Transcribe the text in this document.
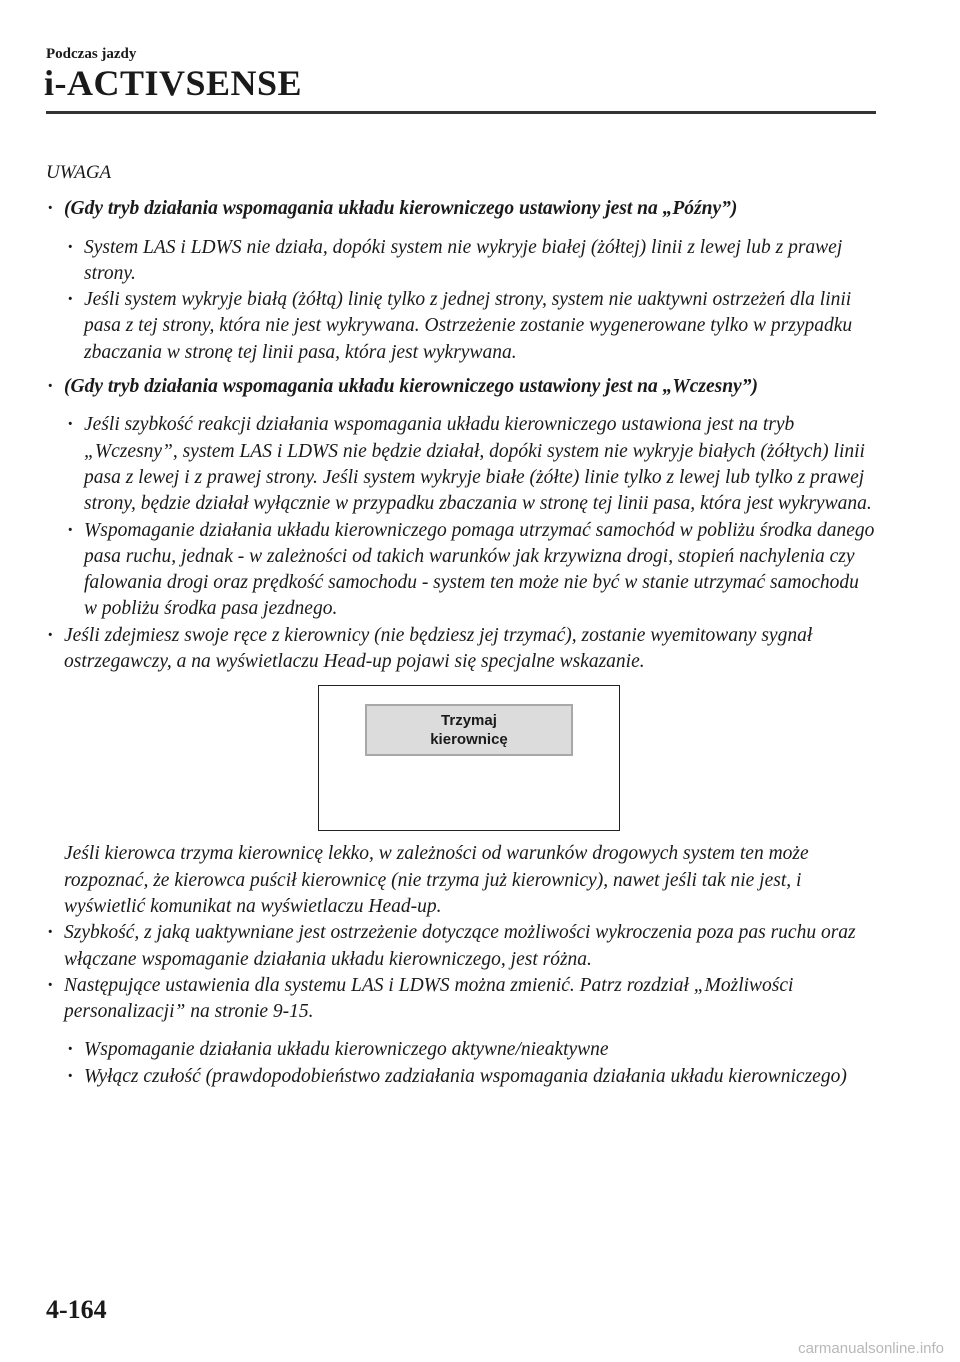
Podczas jazdy
i-ACTIVSENSE
UWAGA
· (Gdy tryb działania wspomagania układu kierowniczego ustawiony jest na „Późny”)
· System LAS i LDWS nie działa, dopóki system nie wykryje białej (żółtej) linii z lewej lub z prawej strony.
· Jeśli system wykryje białą (żółtą) linię tylko z jednej strony, system nie uaktywni ostrzeżeń dla linii pasa z tej strony, która nie jest wykrywana. Ostrzeżenie zostanie wygenerowane tylko w przypadku zbaczania w stronę tej linii pasa, która jest wykrywana.
· (Gdy tryb działania wspomagania układu kierowniczego ustawiony jest na „Wczesny”)
· Jeśli szybkość reakcji działania wspomagania układu kierowniczego ustawiona jest na tryb „Wczesny”, system LAS i LDWS nie będzie działał, dopóki system nie wykryje białych (żółtych) linii pasa z lewej i z prawej strony. Jeśli system wykryje białe (żółte) linie tylko z lewej lub tylko z prawej strony, będzie działał wyłącznie w przypadku zbaczania w stronę tej linii pasa, która jest wykrywana.
· Wspomaganie działania układu kierowniczego pomaga utrzymać samochód w pobliżu środka danego pasa ruchu, jednak - w zależności od takich warunków jak krzywizna drogi, stopień nachylenia czy falowania drogi oraz prędkość samochodu - system ten może nie być w stanie utrzymać samochodu w pobliżu środka pasa jezdnego.
· Jeśli zdejmiesz swoje ręce z kierownicy (nie będziesz jej trzymać), zostanie wyemitowany sygnał ostrzegawczy, a na wyświetlaczu Head-up pojawi się specjalne wskazanie.
Trzymaj
kierownicę
Jeśli kierowca trzyma kierownicę lekko, w zależności od warunków drogowych system ten może rozpoznać, że kierowca puścił kierownicę (nie trzyma już kierownicy), nawet jeśli tak nie jest, i wyświetlić komunikat na wyświetlaczu Head-up.
· Szybkość, z jaką uaktywniane jest ostrzeżenie dotyczące możliwości wykroczenia poza pas ruchu oraz włączane wspomaganie działania układu kierowniczego, jest różna.
· Następujące ustawienia dla systemu LAS i LDWS można zmienić. Patrz rozdział „Możliwości personalizacji” na stronie 9-15.
· Wspomaganie działania układu kierowniczego aktywne/nieaktywne
· Wyłącz czułość (prawdopodobieństwo zadziałania wspomagania działania układu kierowniczego)
4-164
carmanualsonline.info
